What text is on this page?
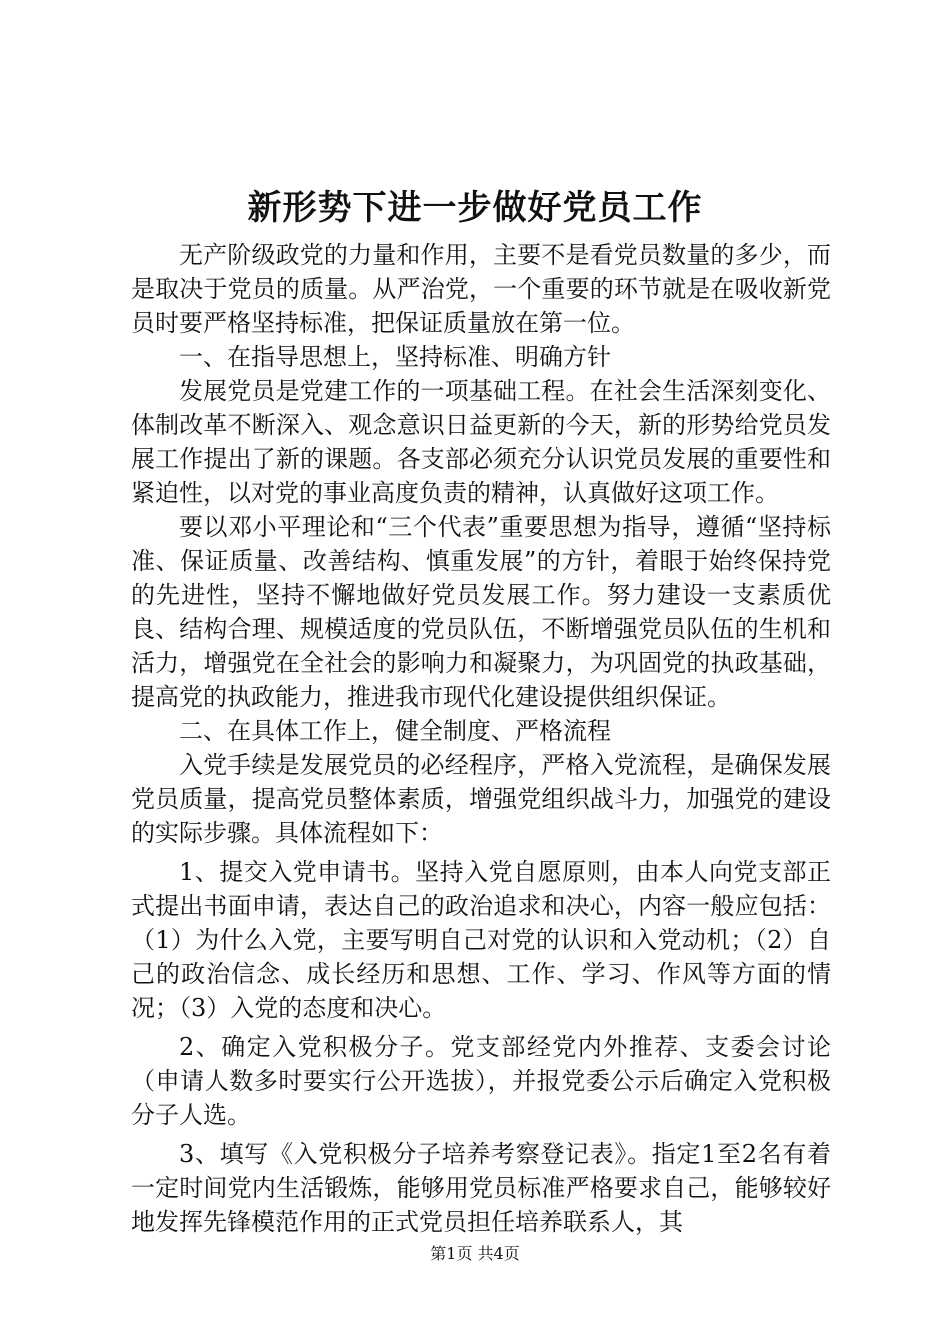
新形势下进一步做好党员工作

无产阶级政党的力量和作用，主要不是看党员数量的多少，而是取决于党员的质量。从严治党，一个重要的环节就是在吸收新党员时要严格坚持标准，把保证质量放在第一位。

一、在指导思想上，坚持标准、明确方针

发展党员是党建工作的一项基础工程。在社会生活深刻变化、体制改革不断深入、观念意识日益更新的今天，新的形势给党员发展工作提出了新的课题。各支部必须充分认识党员发展的重要性和紧迫性，以对党的事业高度负责的精神，认真做好这项工作。

要以邓小平理论和“三个代表”重要思想为指导，遵循“坚持标准、保证质量、改善结构、慎重发展”的方针，着眼于始终保持党的先进性，坚持不懈地做好党员发展工作。努力建设一支素质优良、结构合理、规模适度的党员队伍，不断增强党员队伍的生机和活力，增强党在全社会的影响力和凝聚力，为巩固党的执政基础，提高党的执政能力，推进我市现代化建设提供组织保证。

二、在具体工作上，健全制度、严格流程

入党手续是发展党员的必经程序，严格入党流程，是确保发展党员质量，提高党员整体素质，增强党组织战斗力，加强党的建设的实际步骤。具体流程如下：

1、提交入党申请书。坚持入党自愿原则，由本人向党支部正式提出书面申请，表达自己的政治追求和决心，内容一般应包括：（1）为什么入党，主要写明自己对党的认识和入党动机；（2）自己的政治信念、成长经历和思想、工作、学习、作风等方面的情况；（3）入党的态度和决心。

2、确定入党积极分子。党支部经党内外推荐、支委会讨论（申请人数多时要实行公开选拔），并报党委公示后确定入党积极分子人选。

3、填写《入党积极分子培养考察登记表》。指定1至2名有着一定时间党内生活锻炼，能够用党员标准严格要求自己，能够较好地发挥先锋模范作用的正式党员担任培养联系人，其

第1页 共4页
